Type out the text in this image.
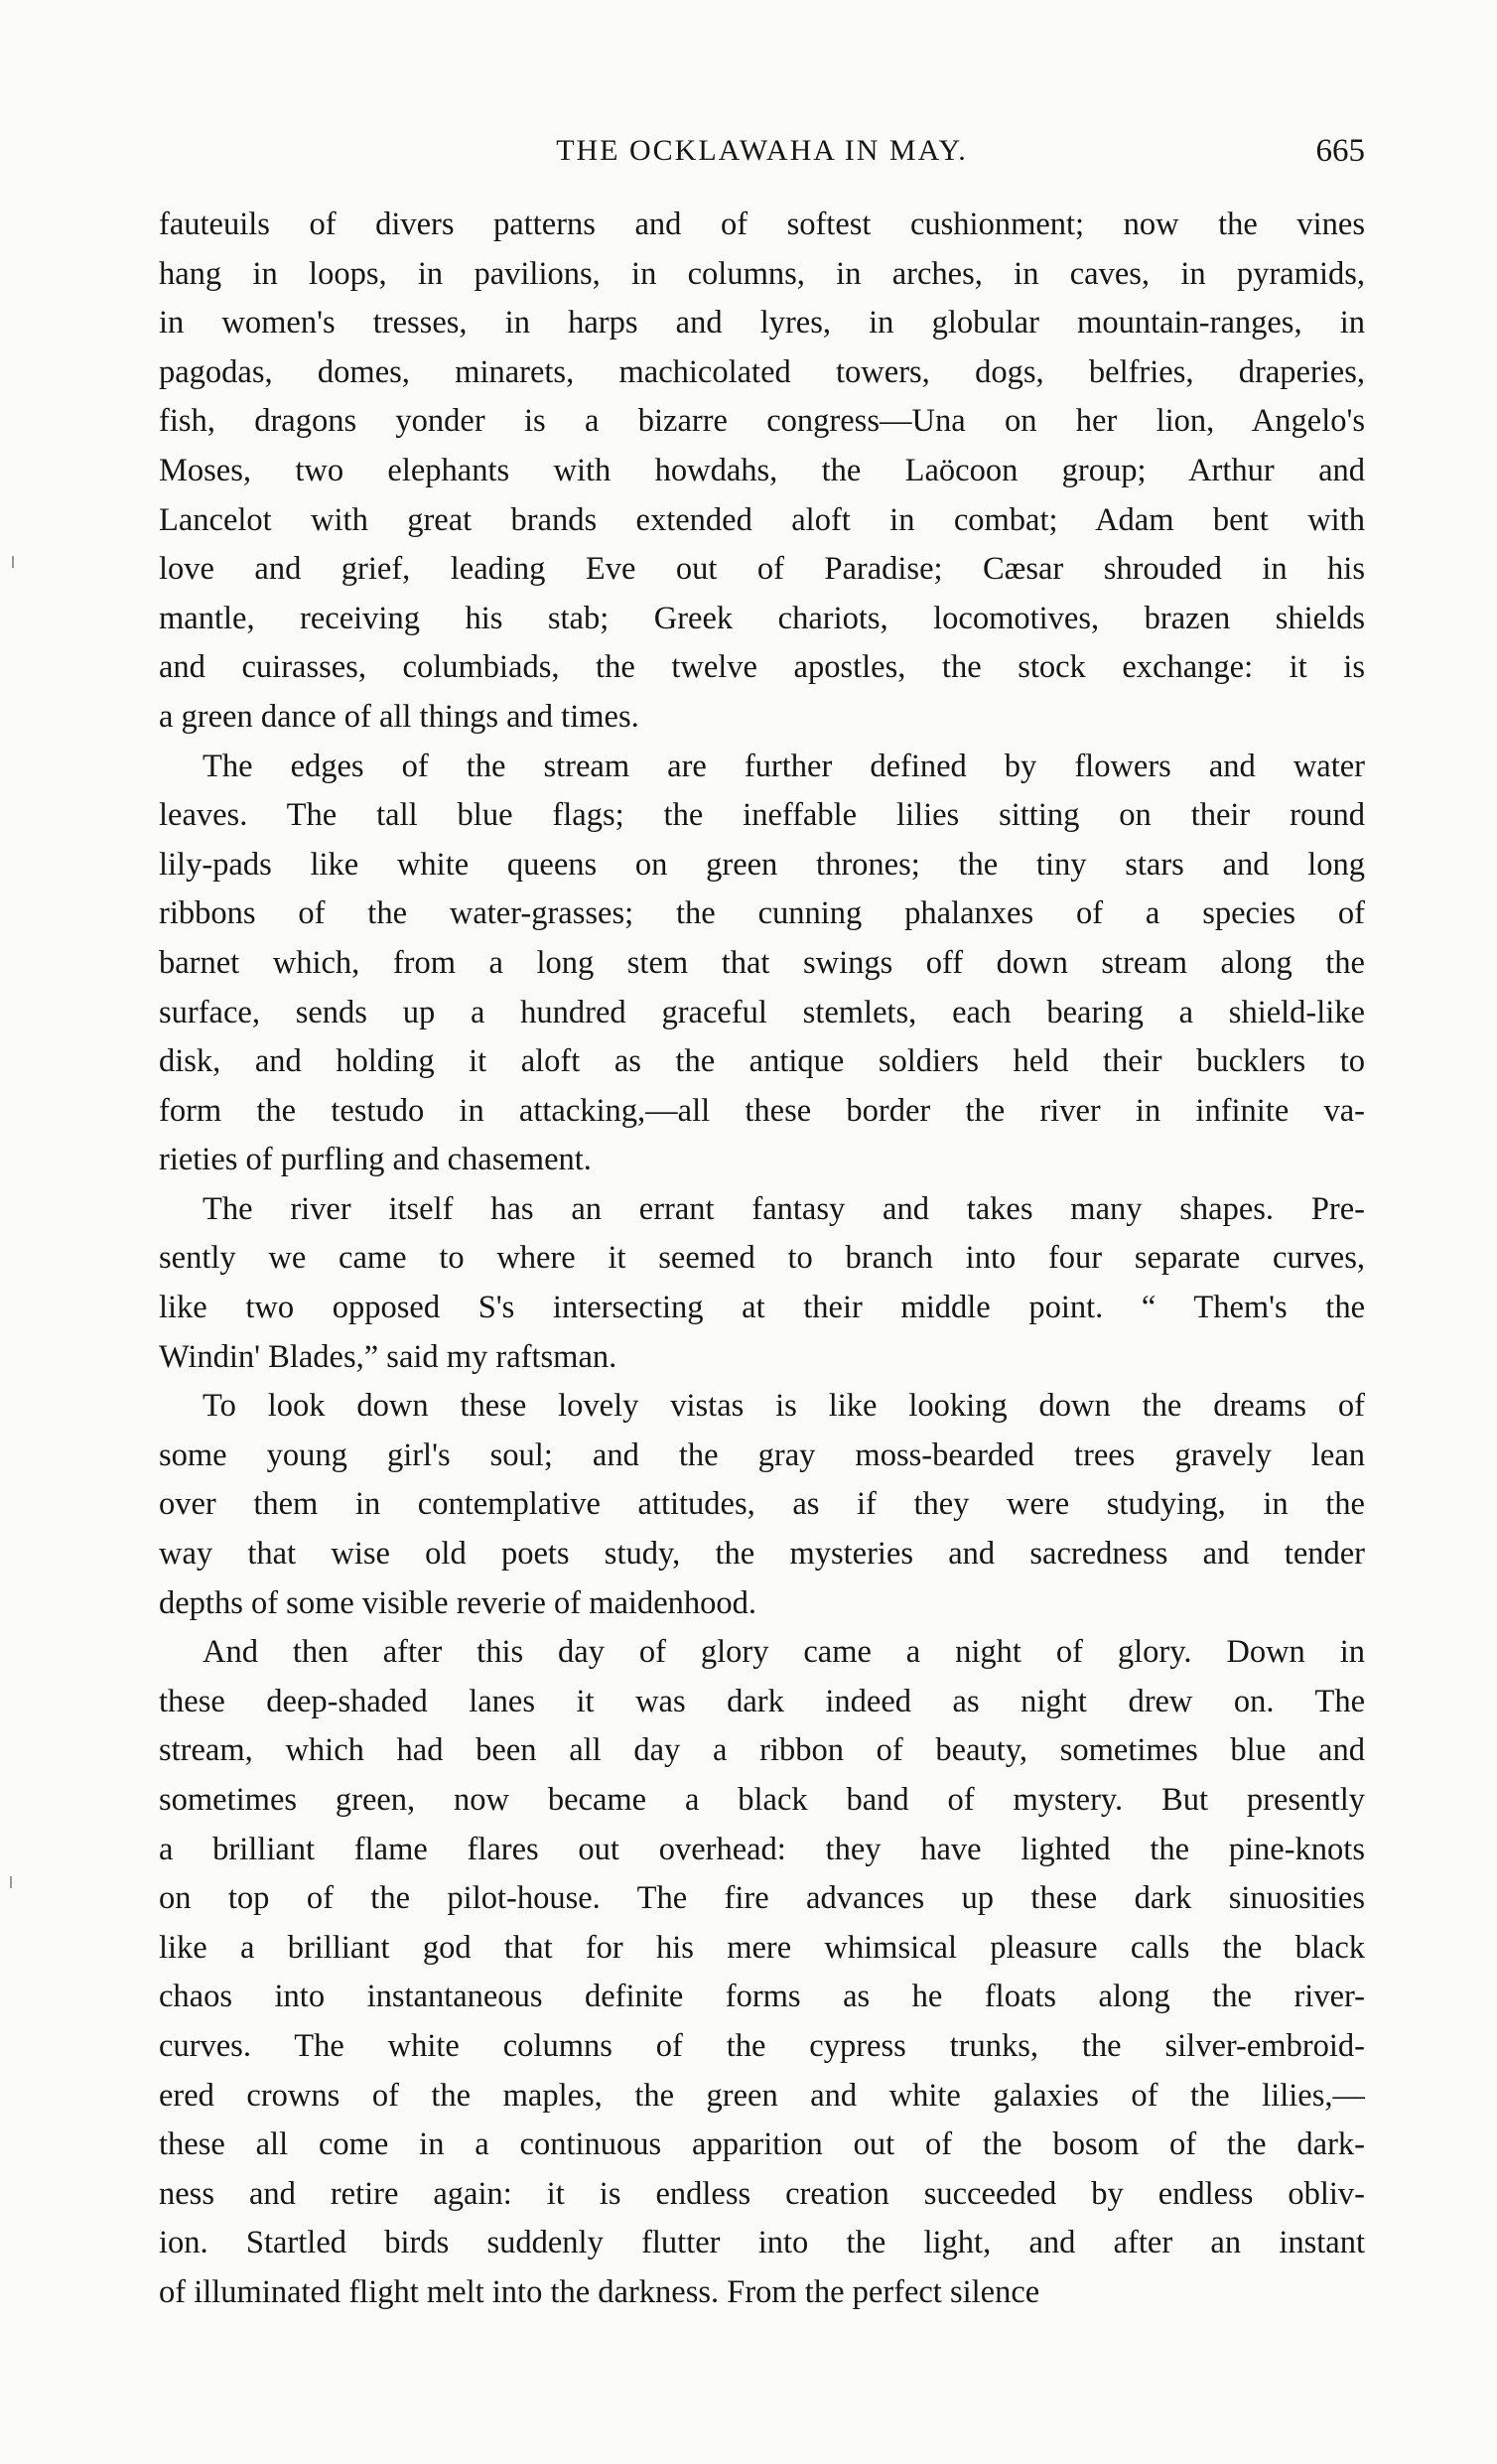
THE OCKLAWAHA IN MAY.	665
fauteuils of divers patterns and of softest cushionment; now the vines
hang in loops, in pavilions, in columns, in arches, in caves, in pyramids,
in women's tresses, in harps and lyres, in globular mountain-ranges, in
pagodas, domes, minarets, machicolated towers, dogs, belfries, draperies,
fish, dragons yonder is a bizarre congress—Una on her lion, Angelo's
Moses, two elephants with howdahs, the Laöcoon group; Arthur and
Lancelot with great brands extended aloft in combat; Adam bent with
love and grief, leading Eve out of Paradise; Cæsar shrouded in his
mantle, receiving his stab; Greek chariots, locomotives, brazen shields
and cuirasses, columbiads, the twelve apostles, the stock exchange: it is
a green dance of all things and times.
The edges of the stream are further defined by flowers and water
leaves. The tall blue flags; the ineffable lilies sitting on their round
lily-pads like white queens on green thrones; the tiny stars and long
ribbons of the water-grasses; the cunning phalanxes of a species of
barnet which, from a long stem that swings off down stream along the
surface, sends up a hundred graceful stemlets, each bearing a shield-like
disk, and holding it aloft as the antique soldiers held their bucklers to
form the testudo in attacking,—all these border the river in infinite va-
rieties of purfling and chasement.
The river itself has an errant fantasy and takes many shapes. Pre-
sently we came to where it seemed to branch into four separate curves,
like two opposed S's intersecting at their middle point. “ Them's the
Windin' Blades,” said my raftsman.
To look down these lovely vistas is like looking down the dreams of
some young girl's soul; and the gray moss-bearded trees gravely lean
over them in contemplative attitudes, as if they were studying, in the
way that wise old poets study, the mysteries and sacredness and tender
depths of some visible reverie of maidenhood.
And then after this day of glory came a night of glory. Down in
these deep-shaded lanes it was dark indeed as night drew on. The
stream, which had been all day a ribbon of beauty, sometimes blue and
sometimes green, now became a black band of mystery. But presently
a brilliant flame flares out overhead: they have lighted the pine-knots
on top of the pilot-house. The fire advances up these dark sinuosities
like a brilliant god that for his mere whimsical pleasure calls the black
chaos into instantaneous definite forms as he floats along the river-
curves. The white columns of the cypress trunks, the silver-embroid-
ered crowns of the maples, the green and white galaxies of the lilies,—
these all come in a continuous apparition out of the bosom of the dark-
ness and retire again: it is endless creation succeeded by endless obliv-
ion. Startled birds suddenly flutter into the light, and after an instant
of illuminated flight melt into the darkness. From the perfect silence
